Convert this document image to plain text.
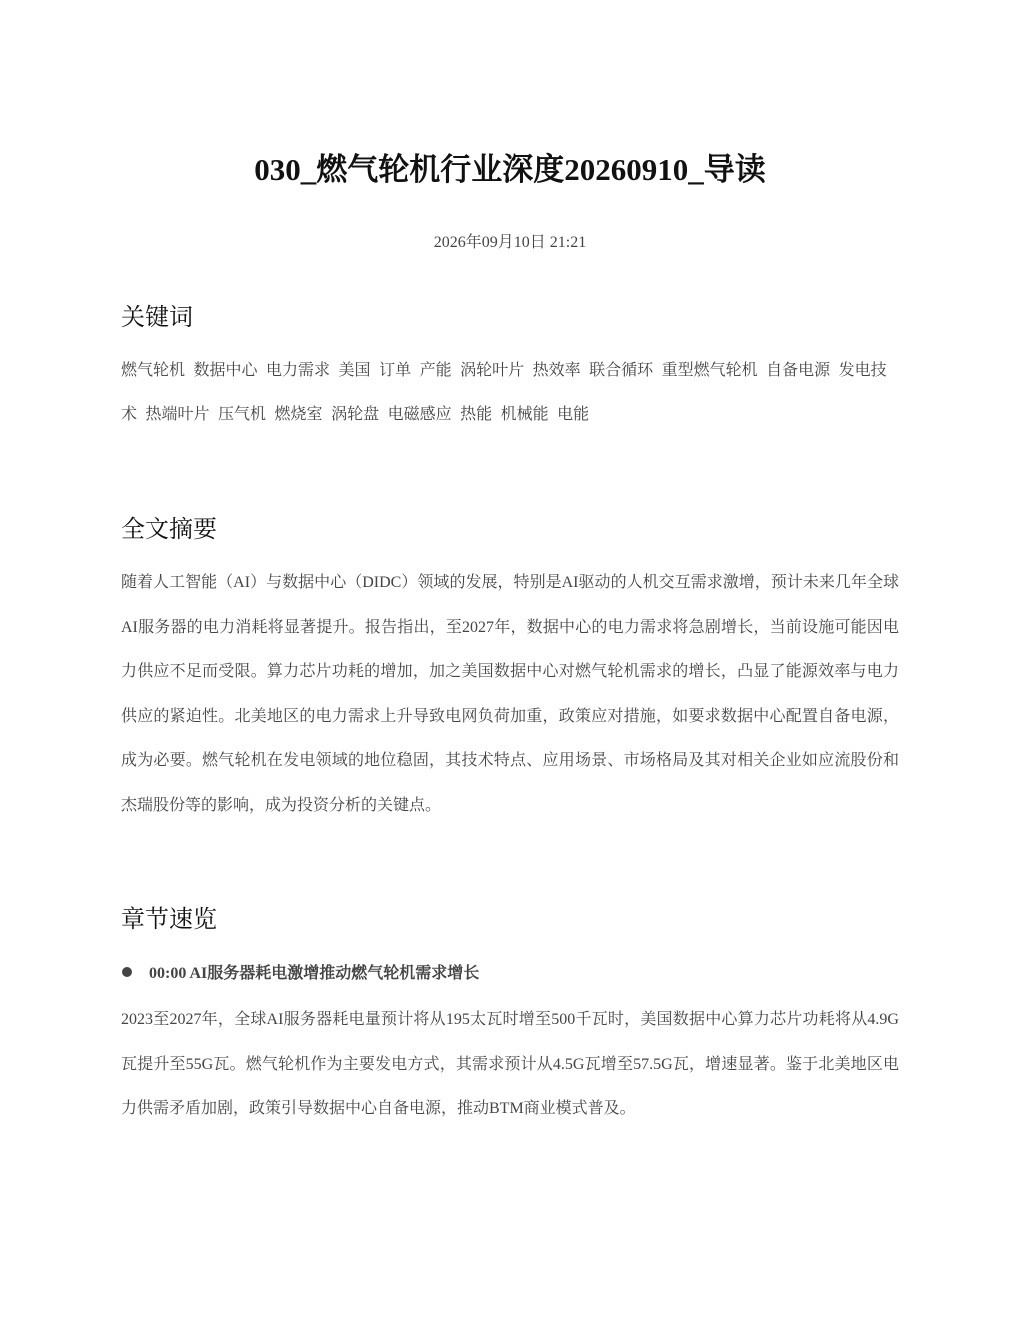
030_燃气轮机行业深度20260910_导读
2026年09月10日 21:21
关键词

燃气轮机 数据中心 电力需求 美国 订单 产能 涡轮叶片 热效率 联合循环 重型燃气轮机 自备电源 发电技术 热端叶片 压气机 燃烧室 涡轮盘 电磁感应 热能 机械能 电能

全文摘要

随着人工智能（AI）与数据中心（DIDC）领域的发展，特别是AI驱动的人机交互需求激增，预计未来几年全球AI服务器的电力消耗将显著提升。报告指出，至2027年，数据中心的电力需求将急剧增长，当前设施可能因电力供应不足而受限。算力芯片功耗的增加，加之美国数据中心对燃气轮机需求的增长，凸显了能源效率与电力供应的紧迫性。北美地区的电力需求上升导致电网负荷加重，政策应对措施，如要求数据中心配置自备电源，成为必要。燃气轮机在发电领域的地位稳固，其技术特点、应用场景、市场格局及其对相关企业如应流股份和杰瑞股份等的影响，成为投资分析的关键点。

章节速览
00:00 AI服务器耗电激增推动燃气轮机需求增长

2023至2027年，全球AI服务器耗电量预计将从195太瓦时增至500千瓦时，美国数据中心算力芯片功耗将从4.9G瓦提升至55G瓦。燃气轮机作为主要发电方式，其需求预计从4.5G瓦增至57.5G瓦，增速显著。鉴于北美地区电力供需矛盾加剧，政策引导数据中心自备电源，推动BTM商业模式普及。
